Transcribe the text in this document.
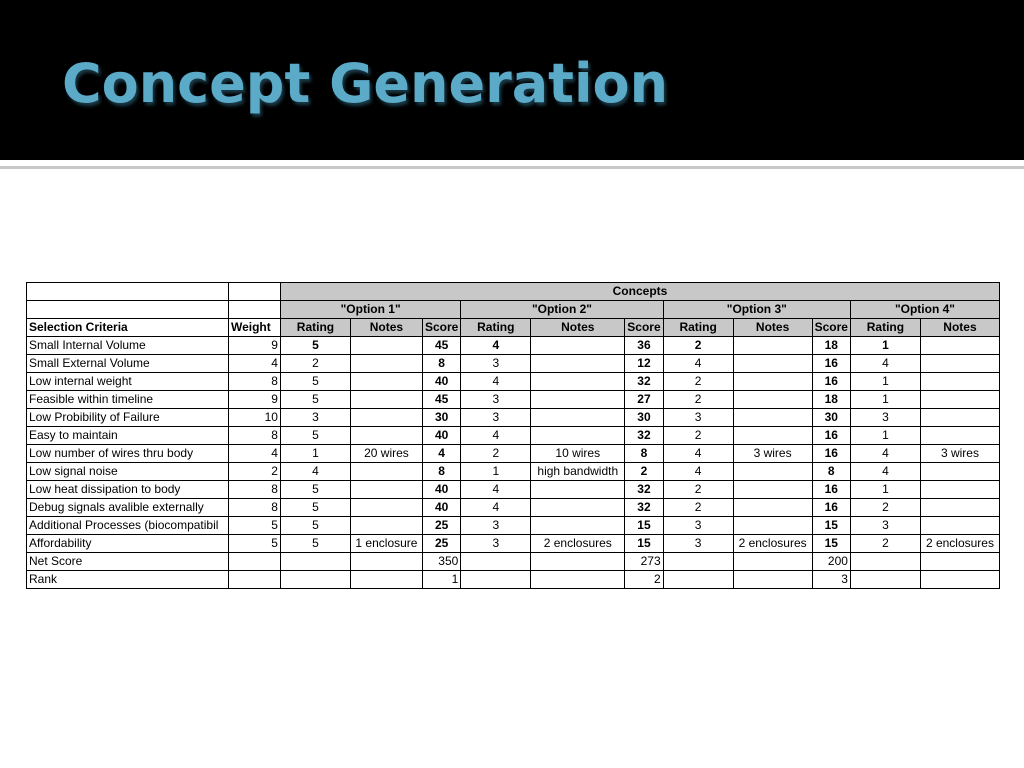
Concept Generation
		Concepts										
		"Option 1"			"Option 2"			"Option 3"			"Option 4"	
Selection Criteria	Weight	Rating	Notes	Score	Rating	Notes	Score	Rating	Notes	Score	Rating	Notes
Small Internal Volume	9	5		45	4		36	2		18	1	
Small External Volume	4	2		8	3		12	4		16	4	
Low internal weight	8	5		40	4		32	2		16	1	
Feasible within timeline	9	5		45	3		27	2		18	1	
Low Probibility of Failure	10	3		30	3		30	3		30	3	
Easy to maintain	8	5		40	4		32	2		16	1	
Low number of wires thru body	4	1	20 wires	4	2	10 wires	8	4	3 wires	16	4	3 wires
Low signal noise	2	4		8	1	high bandwidth	2	4		8	4	
Low heat dissipation to body	8	5		40	4		32	2		16	1	
Debug signals avalible externally	8	5		40	4		32	2		16	2	
Additional Processes (biocompatibil	5	5		25	3		15	3		15	3	
Affordability	5	5	1 enclosure	25	3	2 enclosures	15	3	2 enclosures	15	2	2 enclosures
Net Score				350			273			200		
Rank				1			2			3		
